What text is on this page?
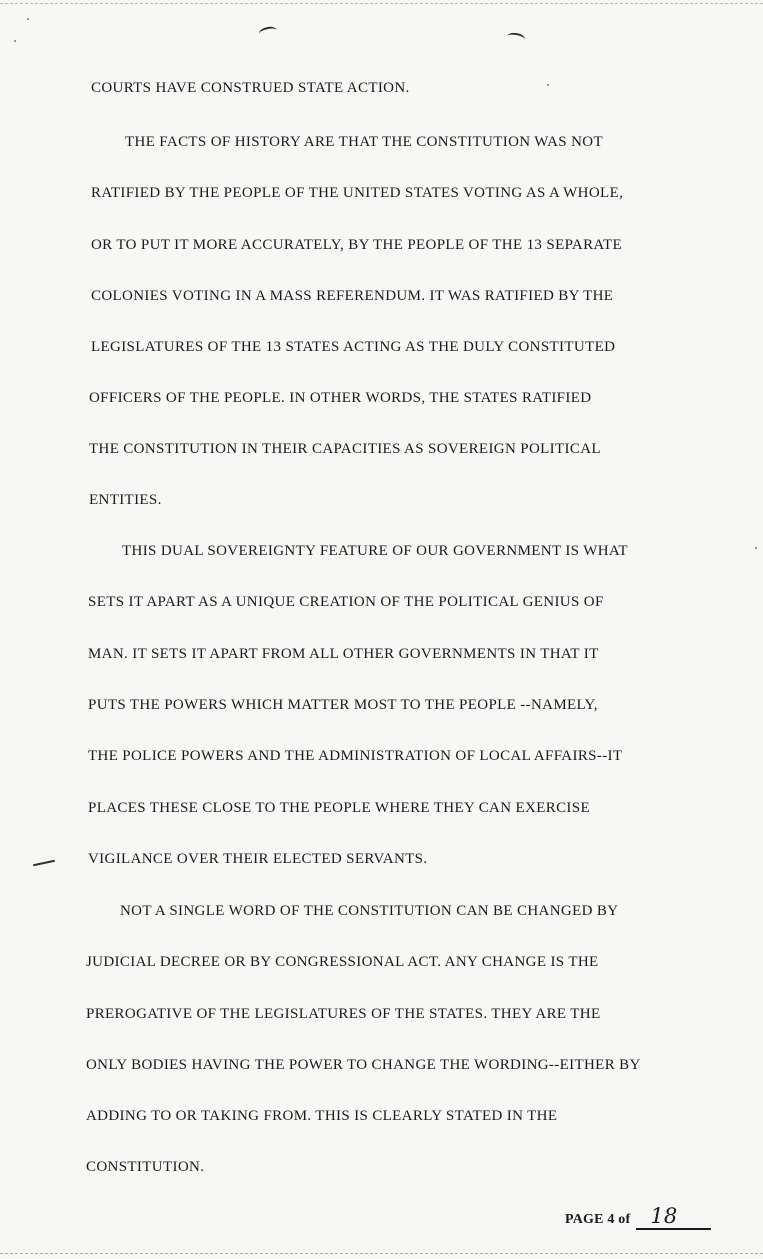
COURTS HAVE CONSTRUED STATE ACTION.
THE FACTS OF HISTORY ARE THAT THE CONSTITUTION WAS NOT
RATIFIED BY THE PEOPLE OF THE UNITED STATES VOTING AS A WHOLE,
OR TO PUT IT MORE ACCURATELY, BY THE PEOPLE OF THE 13 SEPARATE
COLONIES VOTING IN A MASS REFERENDUM. IT WAS RATIFIED BY THE
LEGISLATURES OF THE 13 STATES ACTING AS THE DULY CONSTITUTED
OFFICERS OF THE PEOPLE. IN OTHER WORDS, THE STATES RATIFIED
THE CONSTITUTION IN THEIR CAPACITIES AS SOVEREIGN POLITICAL
ENTITIES.
THIS DUAL SOVEREIGNTY FEATURE OF OUR GOVERNMENT IS WHAT
SETS IT APART AS A UNIQUE CREATION OF THE POLITICAL GENIUS OF
MAN. IT SETS IT APART FROM ALL OTHER GOVERNMENTS IN THAT IT
PUTS THE POWERS WHICH MATTER MOST TO THE PEOPLE --NAMELY,
THE POLICE POWERS AND THE ADMINISTRATION OF LOCAL AFFAIRS--IT
PLACES THESE CLOSE TO THE PEOPLE WHERE THEY CAN EXERCISE
VIGILANCE OVER THEIR ELECTED SERVANTS.
NOT A SINGLE WORD OF THE CONSTITUTION CAN BE CHANGED BY
JUDICIAL DECREE OR BY CONGRESSIONAL ACT. ANY CHANGE IS THE
PREROGATIVE OF THE LEGISLATURES OF THE STATES. THEY ARE THE
ONLY BODIES HAVING THE POWER TO CHANGE THE WORDING--EITHER BY
ADDING TO OR TAKING FROM. THIS IS CLEARLY STATED IN THE
CONSTITUTION.
PAGE 4 of 18
